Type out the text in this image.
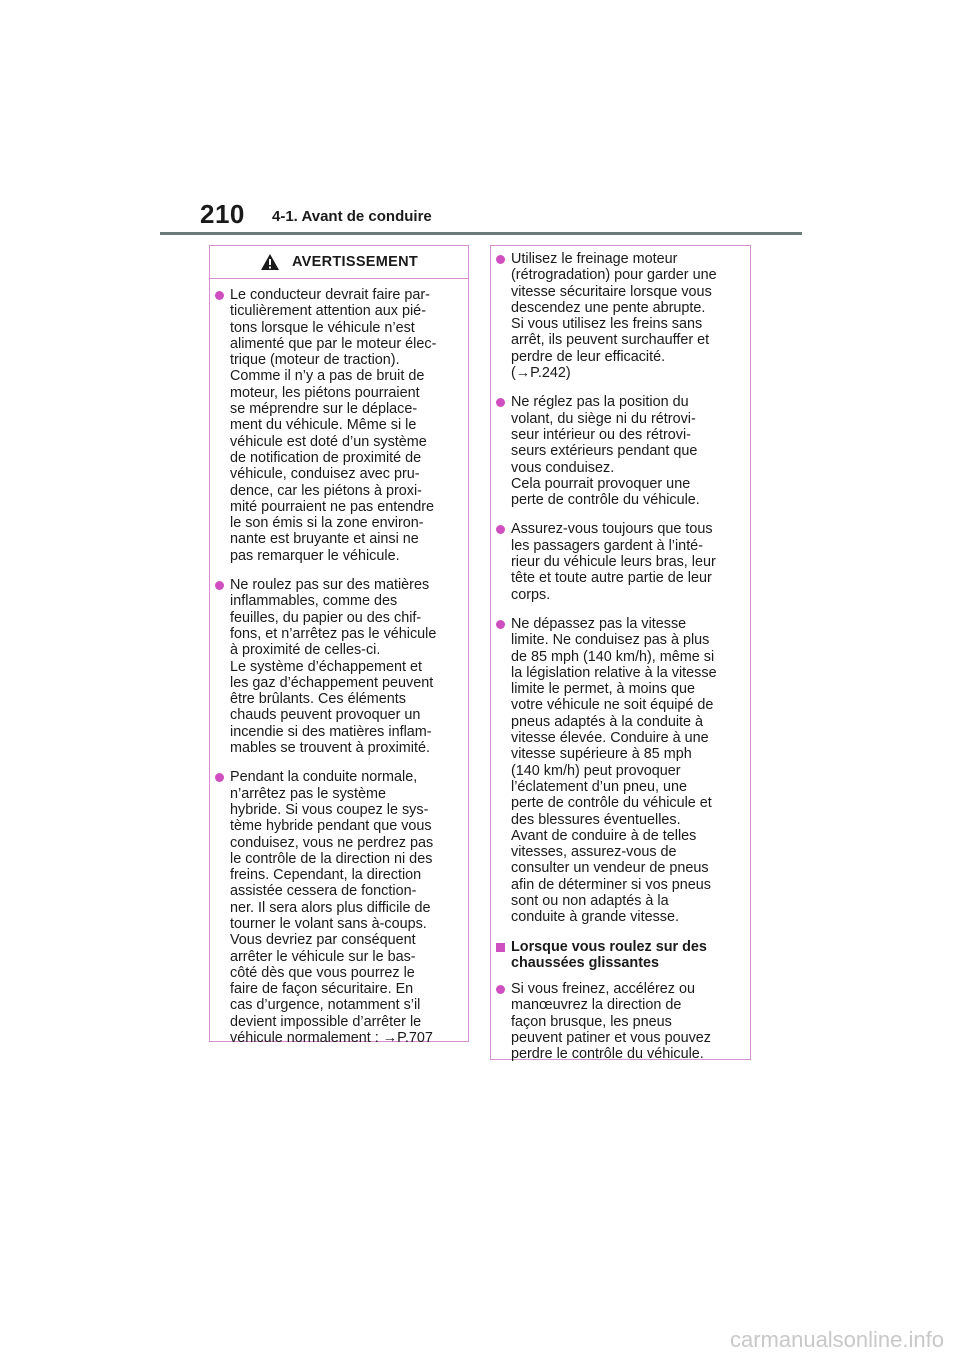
210 4-1. Avant de conduire
AVERTISSEMENT
Le conducteur devrait faire par-
ticulièrement attention aux pié-
tons lorsque le véhicule n’est
alimenté que par le moteur élec-
trique (moteur de traction).
Comme il n’y a pas de bruit de
moteur, les piétons pourraient
se méprendre sur le déplace-
ment du véhicule. Même si le
véhicule est doté d’un système
de notification de proximité de
véhicule, conduisez avec pru-
dence, car les piétons à proxi-
mité pourraient ne pas entendre
le son émis si la zone environ-
nante est bruyante et ainsi ne
pas remarquer le véhicule.
Ne roulez pas sur des matières
inflammables, comme des
feuilles, du papier ou des chif-
fons, et n’arrêtez pas le véhicule
à proximité de celles-ci.
Le système d’échappement et
les gaz d’échappement peuvent
être brûlants. Ces éléments
chauds peuvent provoquer un
incendie si des matières inflam-
mables se trouvent à proximité.
Pendant la conduite normale,
n’arrêtez pas le système
hybride. Si vous coupez le sys-
tème hybride pendant que vous
conduisez, vous ne perdrez pas
le contrôle de la direction ni des
freins. Cependant, la direction
assistée cessera de fonction-
ner. Il sera alors plus difficile de
tourner le volant sans à-coups.
Vous devriez par conséquent
arrêter le véhicule sur le bas-
côté dès que vous pourrez le
faire de façon sécuritaire. En
cas d’urgence, notamment s’il
devient impossible d’arrêter le
véhicule normalement : →P.707
Utilisez le freinage moteur
(rétrogradation) pour garder une
vitesse sécuritaire lorsque vous
descendez une pente abrupte.
Si vous utilisez les freins sans
arrêt, ils peuvent surchauffer et
perdre de leur efficacité.
(→P.242)
Ne réglez pas la position du
volant, du siège ni du rétrovi-
seur intérieur ou des rétrovi-
seurs extérieurs pendant que
vous conduisez.
Cela pourrait provoquer une
perte de contrôle du véhicule.
Assurez-vous toujours que tous
les passagers gardent à l’inté-
rieur du véhicule leurs bras, leur
tête et toute autre partie de leur
corps.
Ne dépassez pas la vitesse
limite. Ne conduisez pas à plus
de 85 mph (140 km/h), même si
la législation relative à la vitesse
limite le permet, à moins que
votre véhicule ne soit équipé de
pneus adaptés à la conduite à
vitesse élevée. Conduire à une
vitesse supérieure à 85 mph
(140 km/h) peut provoquer
l’éclatement d’un pneu, une
perte de contrôle du véhicule et
des blessures éventuelles.
Avant de conduire à de telles
vitesses, assurez-vous de
consulter un vendeur de pneus
afin de déterminer si vos pneus
sont ou non adaptés à la
conduite à grande vitesse.
Lorsque vous roulez sur des
chaussées glissantes
Si vous freinez, accélérez ou
manœuvrez la direction de
façon brusque, les pneus
peuvent patiner et vous pouvez
perdre le contrôle du véhicule.
carmanualsonline.info
